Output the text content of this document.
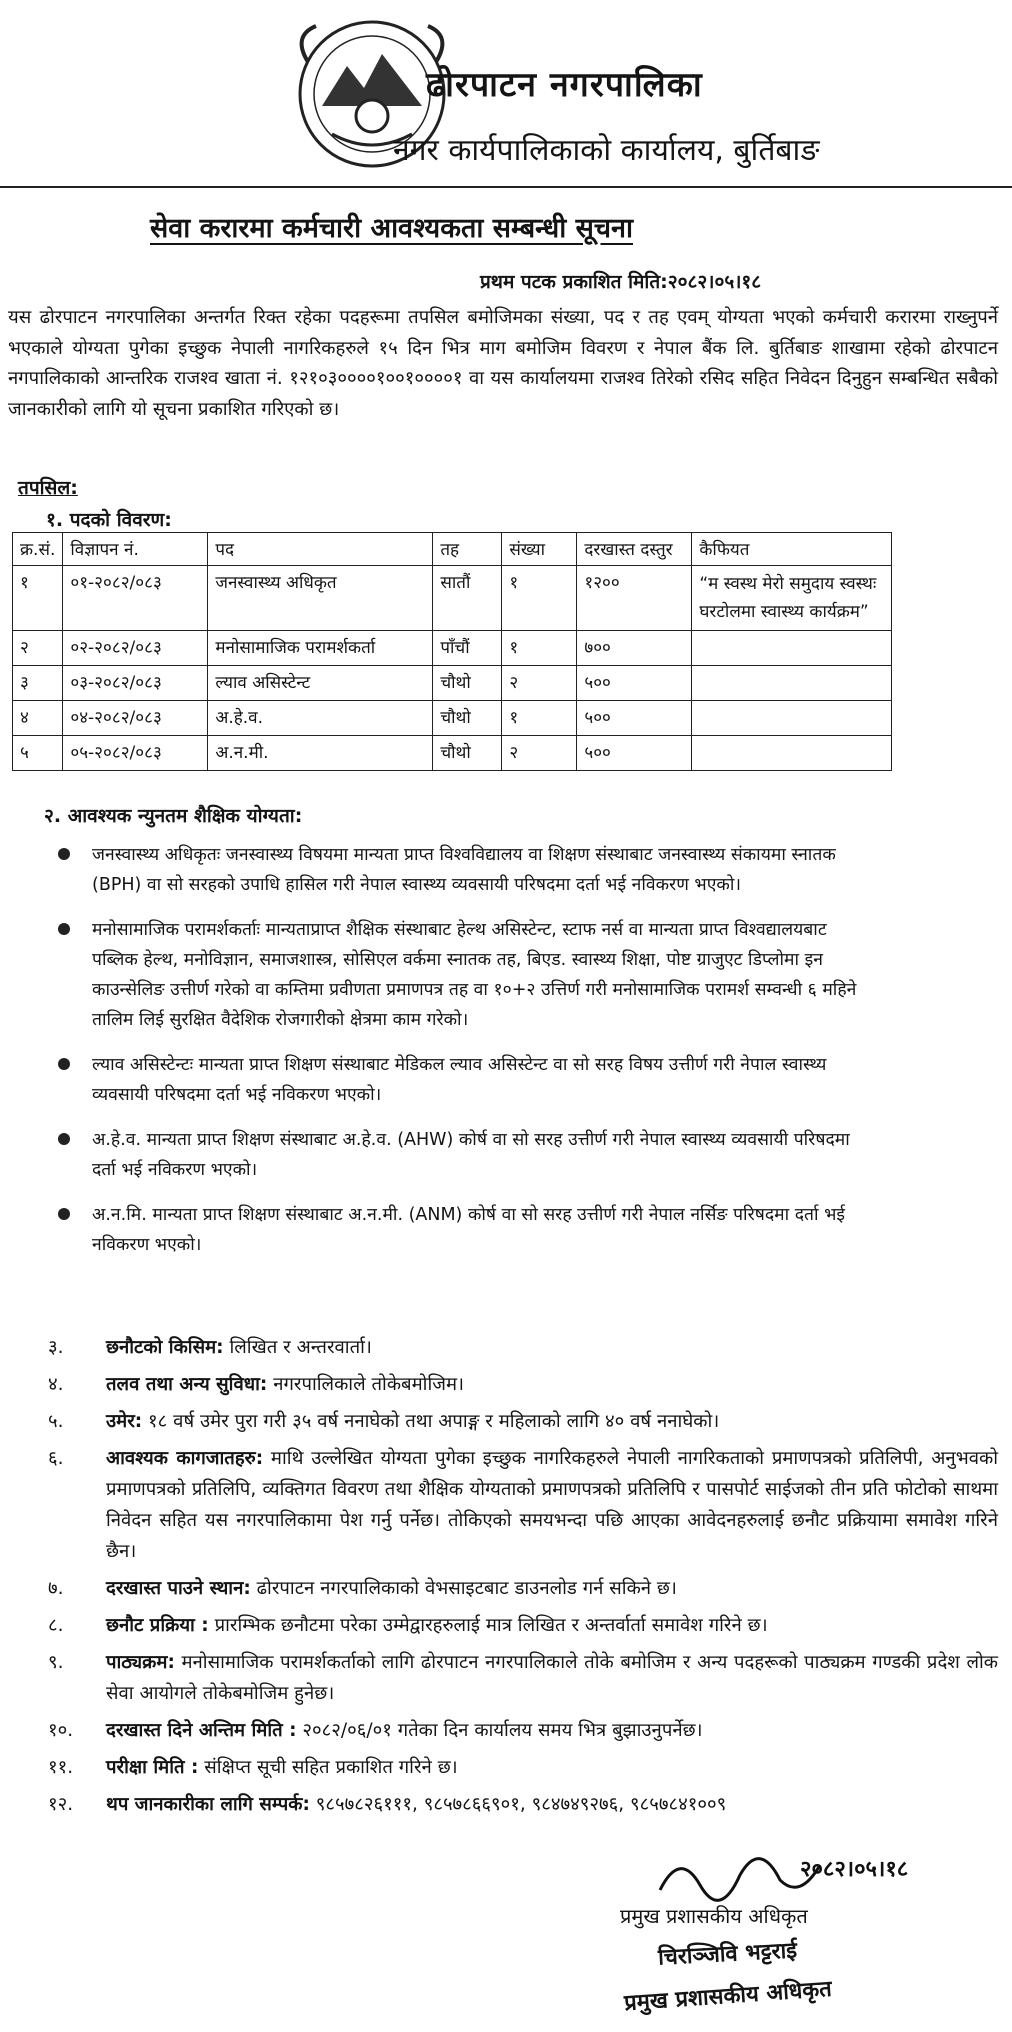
ढोरपाटन नगरपालिका
नगर कार्यपालिकाको कार्यालय, बुर्तिबाङ
सेवा करारमा कर्मचारी आवश्यकता सम्बन्धी सूचना
प्रथम पटक प्रकाशित मिति:२०८२।०५।१८
यस ढोरपाटन नगरपालिका अन्तर्गत रिक्त रहेका पदहरूमा तपसिल बमोजिमका संख्या, पद र तह एवम् योग्यता भएको कर्मचारी करारमा राख्नुपर्ने भएकाले योग्यता पुगेका इच्छुक नेपाली नागरिकहरुले १५ दिन भित्र माग बमोजिम विवरण र नेपाल बैंक लि. बुर्तिबाङ शाखामा रहेको ढोरपाटन नगपालिकाको आन्तरिक राजश्व खाता नं. १२१०३००००१००१००००१ वा यस कार्यालयमा राजश्व तिरेको रसिद सहित निवेदन दिनुहुन सम्बन्धित सबैको जानकारीको लागि यो सूचना प्रकाशित गरिएको छ।
तपसिल:
१. पदको विवरण:
क्र.सं.	विज्ञापन नं.	पद	तह	संख्या	दरखास्त दस्तुर	कैफियत
१	०१-२०८२/०८३	जनस्वास्थ्य अधिकृत	सातौं	१	१२००	“म स्वस्थ मेरो समुदाय स्वस्थः घरटोलमा स्वास्थ्य कार्यक्रम”
२	०२-२०८२/०८३	मनोसामाजिक परामर्शकर्ता	पाँचौं	१	७००	
३	०३-२०८२/०८३	ल्याव असिस्टेन्ट	चौथो	२	५००	
४	०४-२०८२/०८३	अ.हे.व.	चौथो	१	५००	
५	०५-२०८२/०८३	अ.न.मी.	चौथो	२	५००	
२. आवश्यक न्युनतम शैक्षिक योग्यता:
जनस्वास्थ्य अधिकृतः जनस्वास्थ्य विषयमा मान्यता प्राप्त विश्वविद्यालय वा शिक्षण संस्थाबाट जनस्वास्थ्य संकायमा स्नातक (BPH) वा सो सरहको उपाधि हासिल गरी नेपाल स्वास्थ्य व्यवसायी परिषदमा दर्ता भई नविकरण भएको।
मनोसामाजिक परामर्शकर्ताः मान्यताप्राप्त शैक्षिक संस्थाबाट हेल्थ असिस्टेन्ट, स्टाफ नर्स वा मान्यता प्राप्त विश्वद्यालयबाट पब्लिक हेल्थ, मनोविज्ञान, समाजशास्त्र, सोसिएल वर्कमा स्नातक तह, बिएड. स्वास्थ्य शिक्षा, पोष्ट ग्राजुएट डिप्लोमा इन काउन्सेलिङ उत्तीर्ण गरेको वा कम्तिमा प्रवीणता प्रमाणपत्र तह वा १०+२ उत्तिर्ण गरी मनोसामाजिक परामर्श सम्वन्धी ६ महिने तालिम लिई सुरक्षित वैदेशिक रोजगारीको क्षेत्रमा काम गरेको।
ल्याव असिस्टेन्टः मान्यता प्राप्त शिक्षण संस्थाबाट मेडिकल ल्याव असिस्टेन्ट वा सो सरह विषय उत्तीर्ण गरी नेपाल स्वास्थ्य व्यवसायी परिषदमा दर्ता भई नविकरण भएको।
अ.हे.व. मान्यता प्राप्त शिक्षण संस्थाबाट अ.हे.व. (AHW) कोर्ष वा सो सरह उत्तीर्ण गरी नेपाल स्वास्थ्य व्यवसायी परिषदमा दर्ता भई नविकरण भएको।
अ.न.मि. मान्यता प्राप्त शिक्षण संस्थाबाट अ.न.मी. (ANM) कोर्ष वा सो सरह उत्तीर्ण गरी नेपाल नर्सिङ परिषदमा दर्ता भई नविकरण भएको।
३. छनौटको किसिम: लिखित र अन्तरवार्ता।
४. तलव तथा अन्य सुविधा: नगरपालिकाले तोकेबमोजिम।
५. उमेर: १८ वर्ष उमेर पुरा गरी ३५ वर्ष ननाघेको तथा अपाङ्ग र महिलाको लागि ४० वर्ष ननाघेको।
६. आवश्यक कागजातहरु: माथि उल्लेखित योग्यता पुगेका इच्छुक नागरिकहरुले नेपाली नागरिकताको प्रमाणपत्रको प्रतिलिपी, अनुभवको प्रमाणपत्रको प्रतिलिपि, व्यक्तिगत विवरण तथा शैक्षिक योग्यताको प्रमाणपत्रको प्रतिलिपि र पासपोर्ट साईजको तीन प्रति फोटोको साथमा निवेदन सहित यस नगरपालिकामा पेश गर्नु पर्नेछ। तोकिएको समयभन्दा पछि आएका आवेदनहरुलाई छनौट प्रक्रियामा समावेश गरिने छैन।
७. दरखास्त पाउने स्थान: ढोरपाटन नगरपालिकाको वेभसाइटबाट डाउनलोड गर्न सकिने छ।
८. छनौट प्रक्रिया : प्रारम्भिक छनौटमा परेका उम्मेद्वारहरुलाई मात्र लिखित र अन्तर्वार्ता समावेश गरिने छ।
९. पाठ्यक्रम: मनोसामाजिक परामर्शकर्ताको लागि ढोरपाटन नगरपालिकाले तोके बमोजिम र अन्य पदहरूको पाठ्यक्रम गण्डकी प्रदेश लोक सेवा आयोगले तोकेबमोजिम हुनेछ।
१०. दरखास्त दिने अन्तिम मिति : २०८२/०६/०१ गतेका दिन कार्यालय समय भित्र बुझाउनुपर्नेछ।
११. परीक्षा मिति : संक्षिप्त सूची सहित प्रकाशित गरिने छ।
१२. थप जानकारीका लागि सम्पर्क: ९८५७८२६१११, ९८५७८६६९०१, ९८४७४९२७६, ९८५७८४१००९
२०८२।०५।१८
प्रमुख प्रशासकीय अधिकृत
चिरञ्जिवि भट्टराई
प्रमुख प्रशासकीय अधिकृत
